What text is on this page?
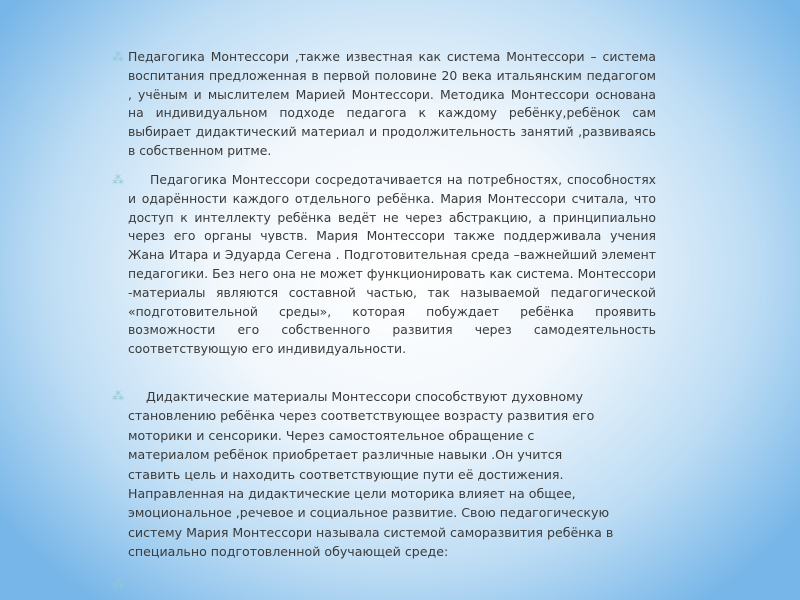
⁂ Педагогика Монтессори ,также известная как система Монтессори – система воспитания предложенная в первой половине 20 века итальянским педагогом , учёным и мыслителем Марией Монтессори. Методика Монтессори основана на индивидуальном подходе педагога к каждому ребёнку,ребёнок сам выбирает дидактический материал и продолжительность занятий ,развиваясь в собственном ритме.

⁂	Педагогика Монтессори сосредотачивается на потребностях, способностях и одарённости каждого отдельного ребёнка. Мария Монтессори считала, что доступ к интеллекту ребёнка ведёт не через абстракцию, а принципиально через его органы чувств. Мария Монтессори также поддерживала учения Жана Итара и Эдуарда Сегена . Подготовительная среда –важнейший элемент педагогики. Без него она не может функционировать как система. Монтессори -материалы являются составной частью, так называемой педагогической «подготовительной среды», которая побуждает ребёнка проявить возможности его собственного развития через самодеятельность соответствующую его индивидуальности.

⁂	Дидактические материалы Монтессори способствуют духовному становлению ребёнка через соответствующее возрасту развития его моторики и сенсорики. Через самостоятельное обращение с материалом ребёнок приобретает различные навыки .Он учится ставить цель и находить соответствующие пути её достижения. Направленная на дидактические цели моторика влияет на общее, эмоциональное ,речевое и социальное развитие. Свою педагогическую систему Мария Монтессори называла системой саморазвития ребёнка в специально подготовленной обучающей среде:

⁂
